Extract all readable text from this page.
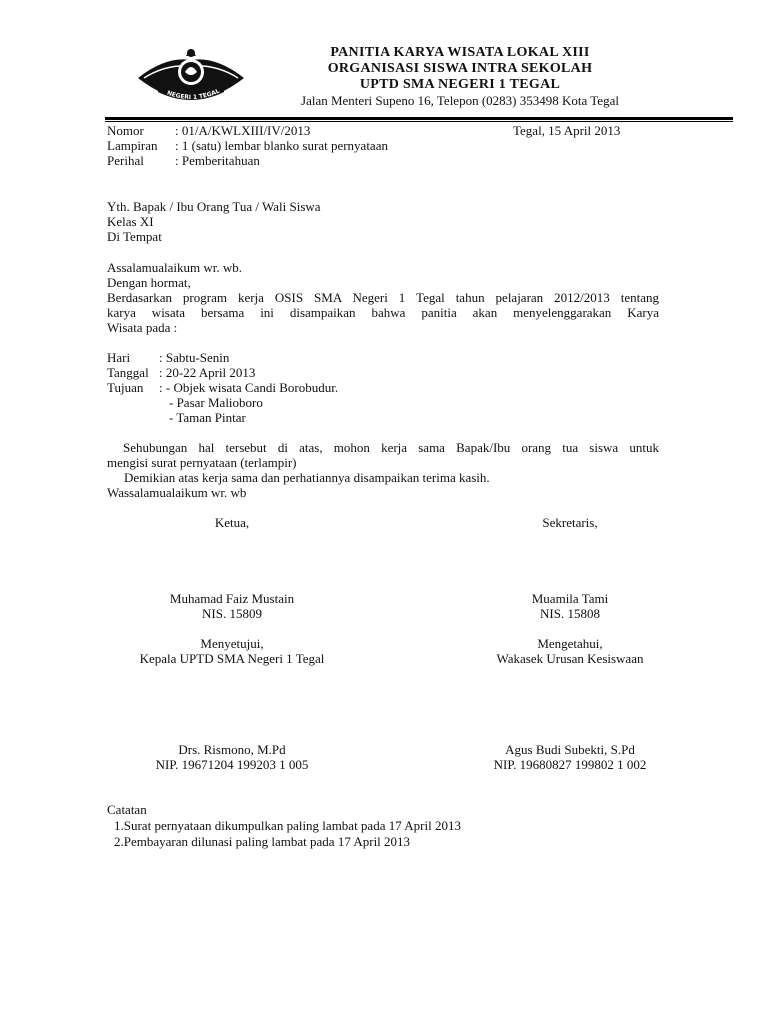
NEGERI 1 TEGAL
PANITIA KARYA WISATA LOKAL XIII
ORGANISASI SISWA INTRA SEKOLAH
UPTD SMA NEGERI 1 TEGAL
Jalan Menteri Supeno 16, Telepon (0283) 353498 Kota Tegal
Nomor : 01/A/KWLXIII/IV/2013	Tegal, 15 April 2013
Lampiran : 1 (satu) lembar blanko surat pernyataan
Perihal : Pemberitahuan
Yth. Bapak / Ibu Orang Tua / Wali Siswa
Kelas XI
Di Tempat
Assalamualaikum wr. wb.
Dengan hormat,
Berdasarkan program kerja OSIS SMA Negeri 1 Tegal tahun pelajaran 2012/2013 tentang
karya wisata bersama ini disampaikan bahwa panitia akan menyelenggarakan Karya
Wisata pada :
Hari : Sabtu-Senin
Tanggal : 20-22 April 2013
Tujuan : - Objek wisata Candi Borobudur.
- Pasar Malioboro
- Taman Pintar
Sehubungan hal tersebut di atas, mohon kerja sama Bapak/Ibu orang tua siswa untuk
mengisi surat pernyataan (terlampir)
Demikian atas kerja sama dan perhatiannya disampaikan terima kasih.
Wassalamualaikum wr. wb
Ketua,	Sekretaris,
Muhamad Faiz Mustain
NIS. 15809
Muamila Tami
NIS. 15808
Menyetujui,
Kepala UPTD SMA Negeri 1 Tegal
Mengetahui,
Wakasek Urusan Kesiswaan
Drs. Rismono, M.Pd
NIP. 19671204 199203 1 005
Agus Budi Subekti, S.Pd
NIP. 19680827 199802 1 002
Catatan
1.Surat pernyataan dikumpulkan paling lambat pada 17 April 2013
2.Pembayaran dilunasi paling lambat pada 17 April 2013
